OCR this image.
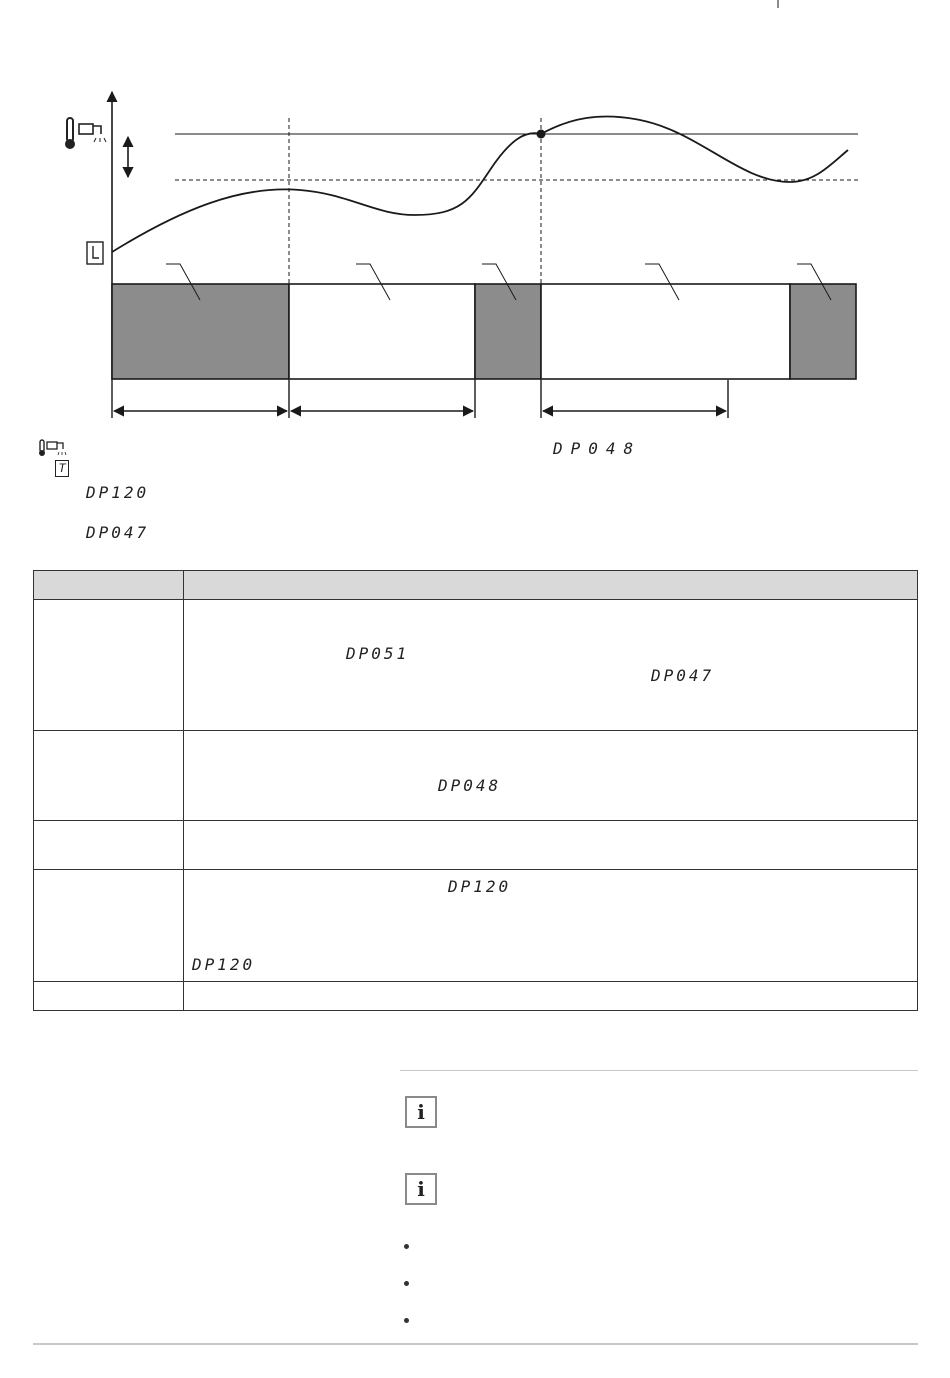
T
DP048
DP120
DP047

	DP051
DP047

	DP048

	DP120
DP120

i
i
